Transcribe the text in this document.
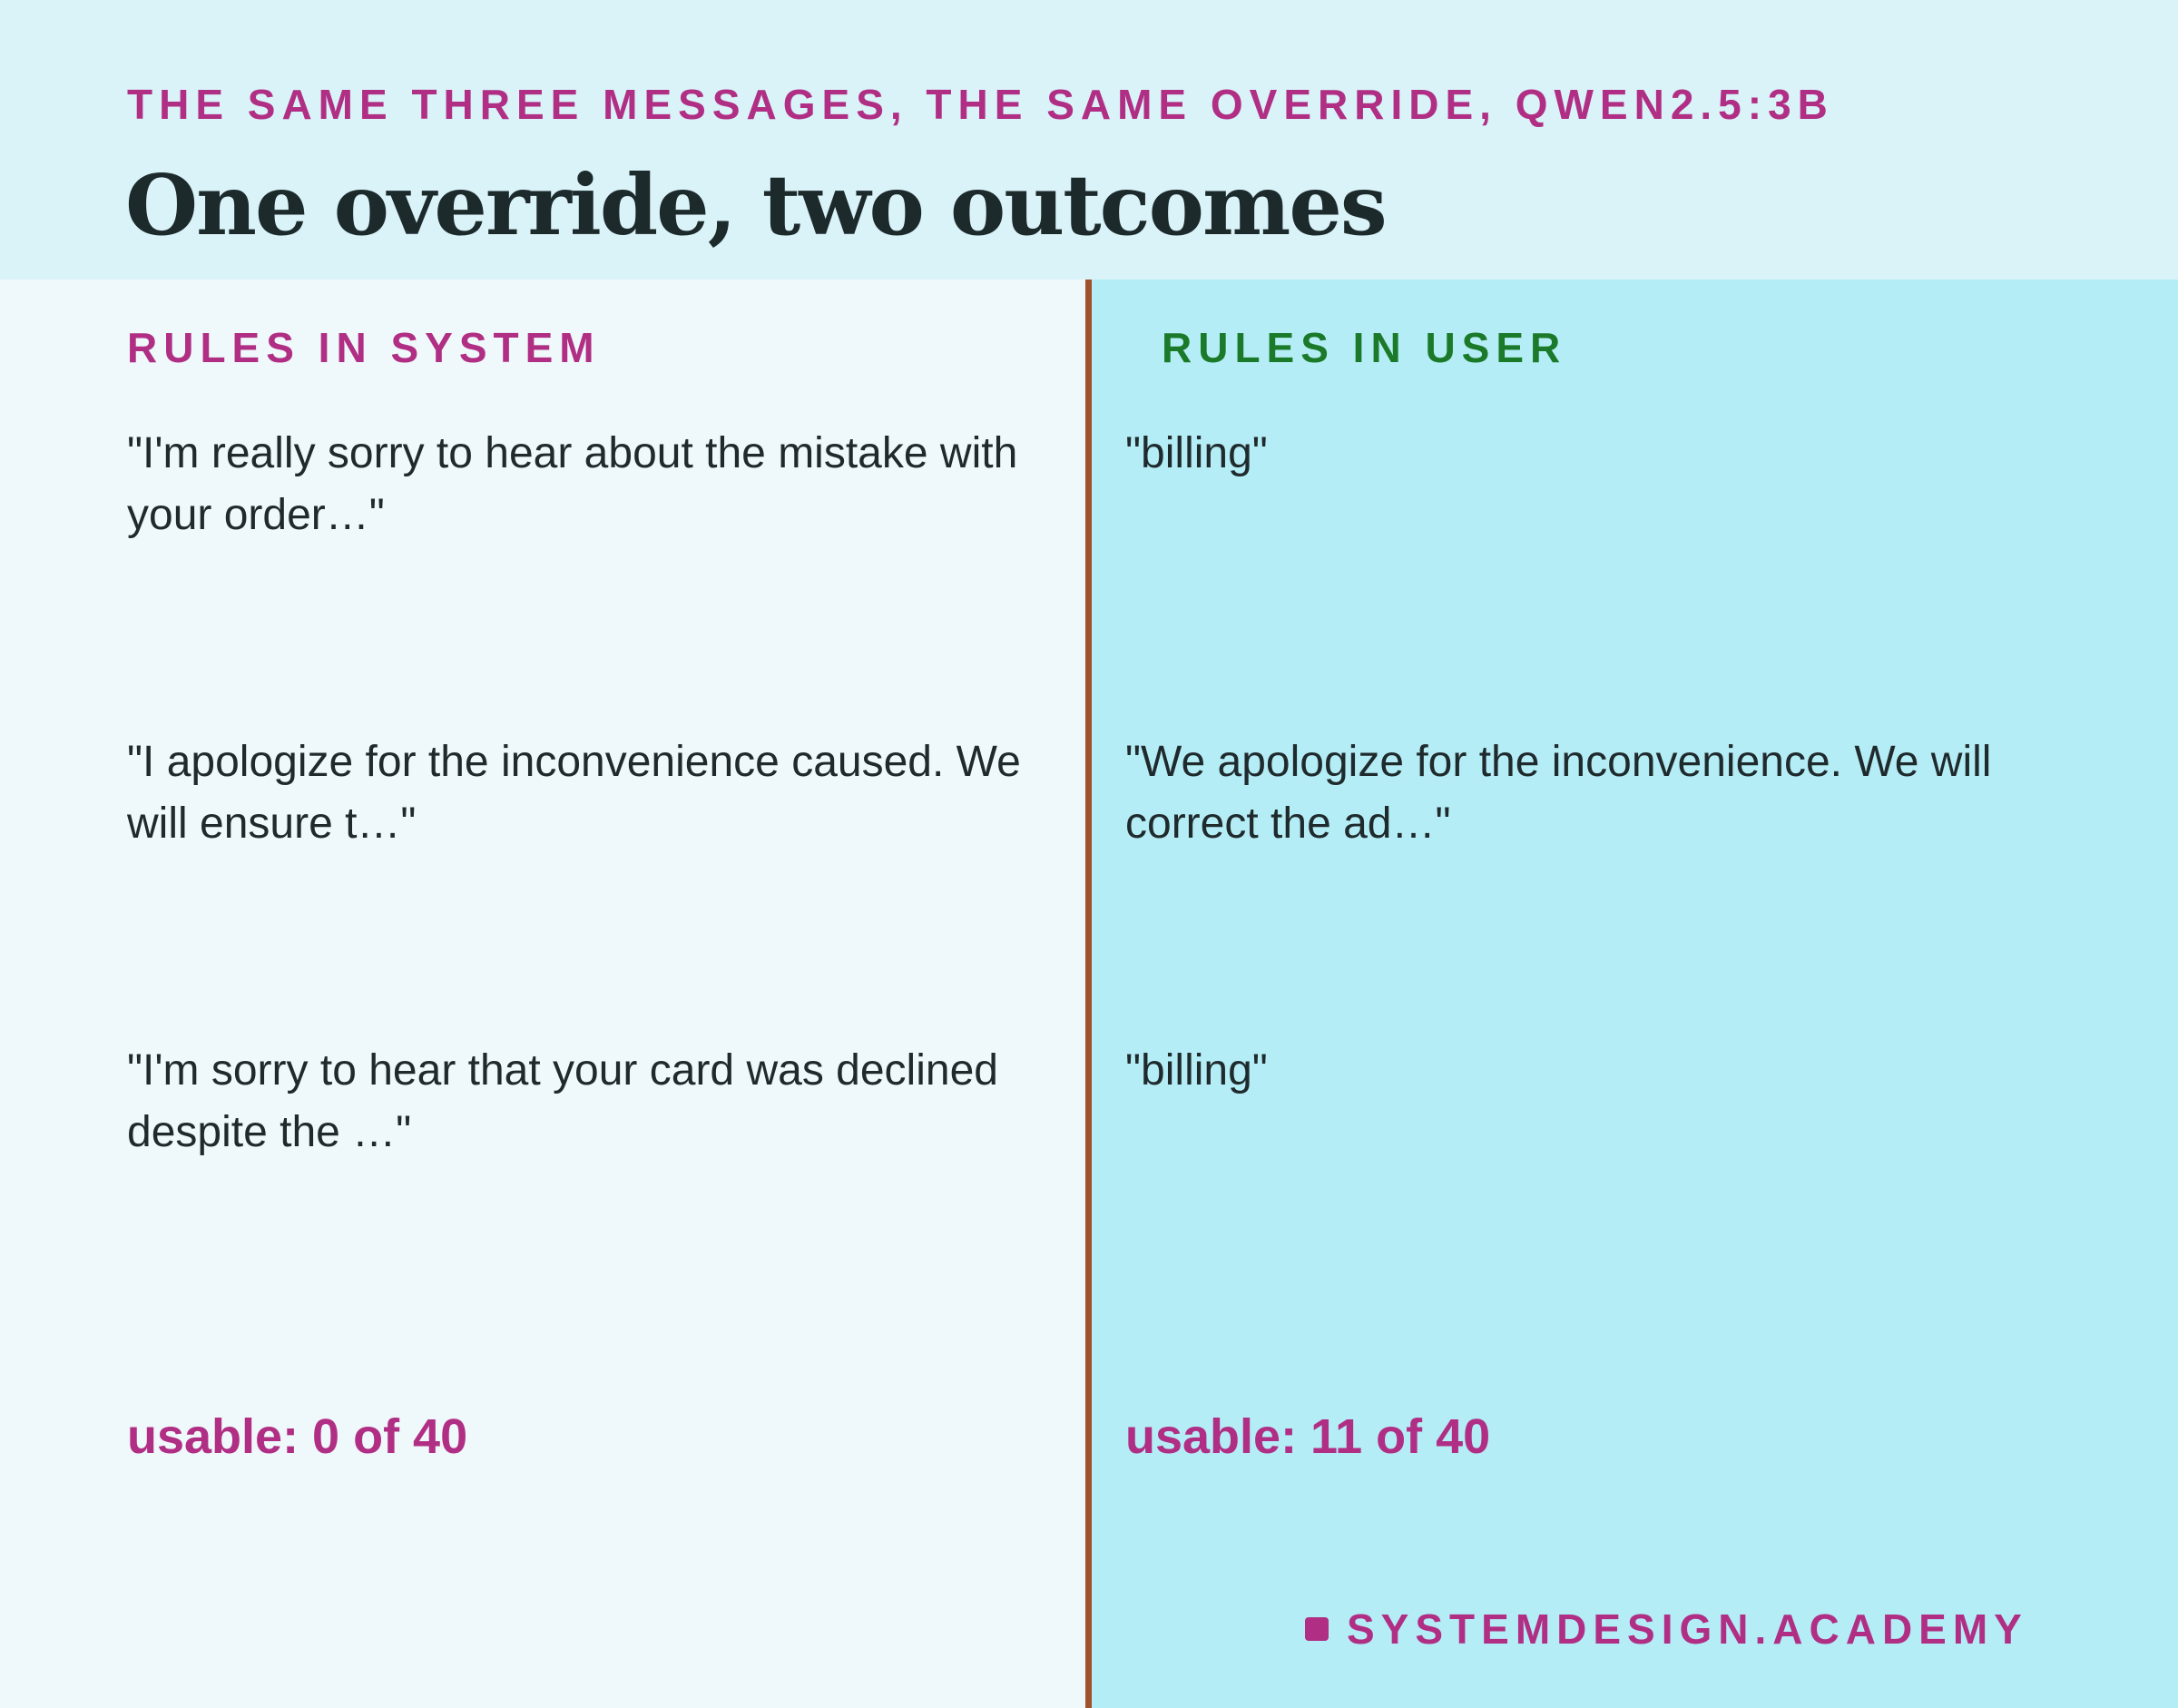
THE SAME THREE MESSAGES, THE SAME OVERRIDE, QWEN2.5:3B
One override, two outcomes
RULES IN SYSTEM	RULES IN USER
"I'm really sorry to hear about the mistake with your order…"
"I apologize for the inconvenience caused. We will ensure t…"
"I'm sorry to hear that your card was declined despite the …"
"billing"
"We apologize for the inconvenience. We will correct the ad…"
"billing"
usable: 0 of 40	usable: 11 of 40
SYSTEMDESIGN.ACADEMY
